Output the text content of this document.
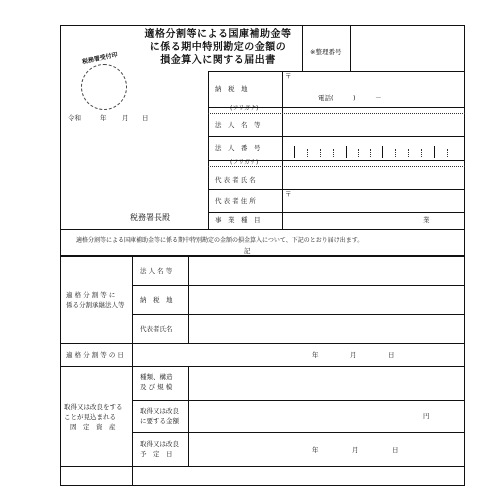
適格分割等による国庫補助金等
に係る期中特別勘定の金額の
損金算入に関する届出書
※整理番号
税務署受付印
令和	年 月 日
税務署長殿
〒
納　税　地
電話(　　　)　　　－
(フリガナ)
法　人　名　等
法　人　番　号
(フリガナ)
代 表 者 氏 名
〒
代 表 者 住 所
事　業　種　目	業
適格分割等による国庫補助金等に係る期中特別勘定の金額の損金算入について、下記のとおり届け出ます。
記
適 格 分 割 等 に
係る分割承継法人等
法 人 名 等
納　税　地
代表者氏名
適 格 分 割 等 の 日	年	月	日
取得又は改良をする
ことが見込まれる
固　定　資　産
種類、構造
及 び 規 模
取得又は改良
に要する金額
円
取得又は改良
予　定　日	年	月	日
